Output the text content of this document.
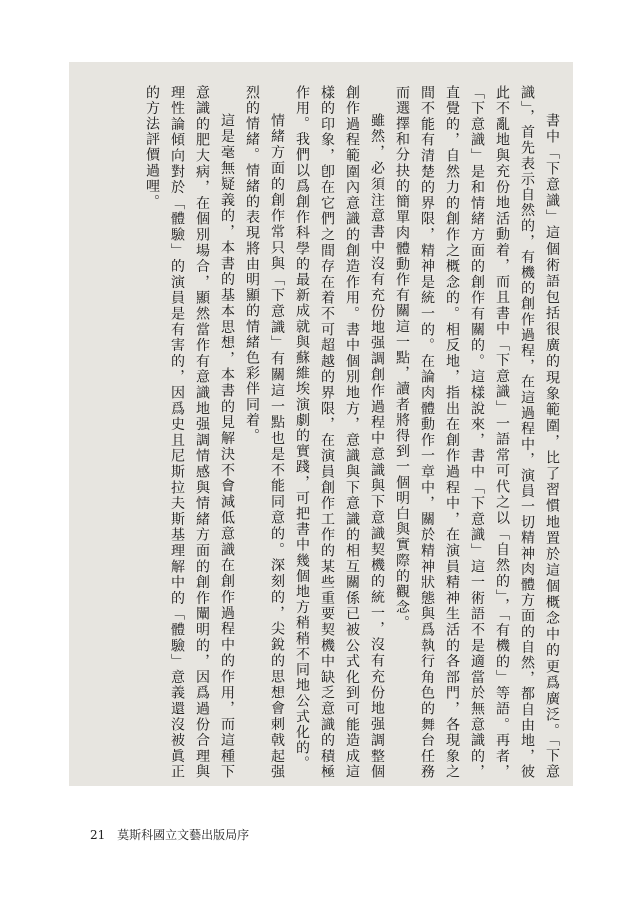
書中「下意識」這個術語包括很廣的現象範圍，比了習慣地置於這個概念中的更爲廣泛。「下意識」，首先表示自然的，有機的創作過程，在這過程中，演員一切精神肉體方面的自然，都自由地，彼此不亂地與充份地活動着，而且書中「下意識」一語常可代之以「自然的」，「有機的」等語。再者，「下意識」是和情緒方面的創作有關的。這樣說來，書中「下意識」這一術語不是適當於無意識的，直覺的，自然力的創作之概念的。相反地，指出在創作過程中，在演員精神生活的各部門，各現象之間不能有清楚的界限，精神是統一的。在論肉體動作一章中，關於精神狀態與爲執行角色的舞台任務而選擇和分抉的簡單肉體動作有關這一點，讀者將得到一個明白與實際的觀念。

雖然，必須注意書中沒有充份地强調創作過程中意識與下意識契機的統一，沒有充份地强調整個創作過程範圍內意識的創造作用。書中個別地方，意識與下意識的相互關係已被公式化到可能造成這樣的印象，卽在它們之間存在着不可超越的界限，在演員創作工作的某些重要契機中缺乏意識的積極作用。我們以爲創作科學的最新成就與蘇維埃演劇的實踐，可把書中幾個地方稍稍不同地公式化的。

情緒方面的創作常只與「下意識」有關這一點也是不能同意的。深刻的，尖銳的思想會刺戟起强烈的情緒。情緒的表現將由明顯的情緒色彩伴同着。

這是毫無疑義的，本書的基本思想，本書的見解決不會減低意識在創作過程中的作用，而這種下意識的肥大病，在個別場合，顯然當作有意識地强調情感與情緒方面的創作闡明的，因爲過份合理與理性論傾向對於「體驗」的演員是有害的，因爲史且尼斯拉夫斯基理解中的「體驗」意義還沒被眞正的方法評價過哩。

21 莫斯科國立文藝出版局序
